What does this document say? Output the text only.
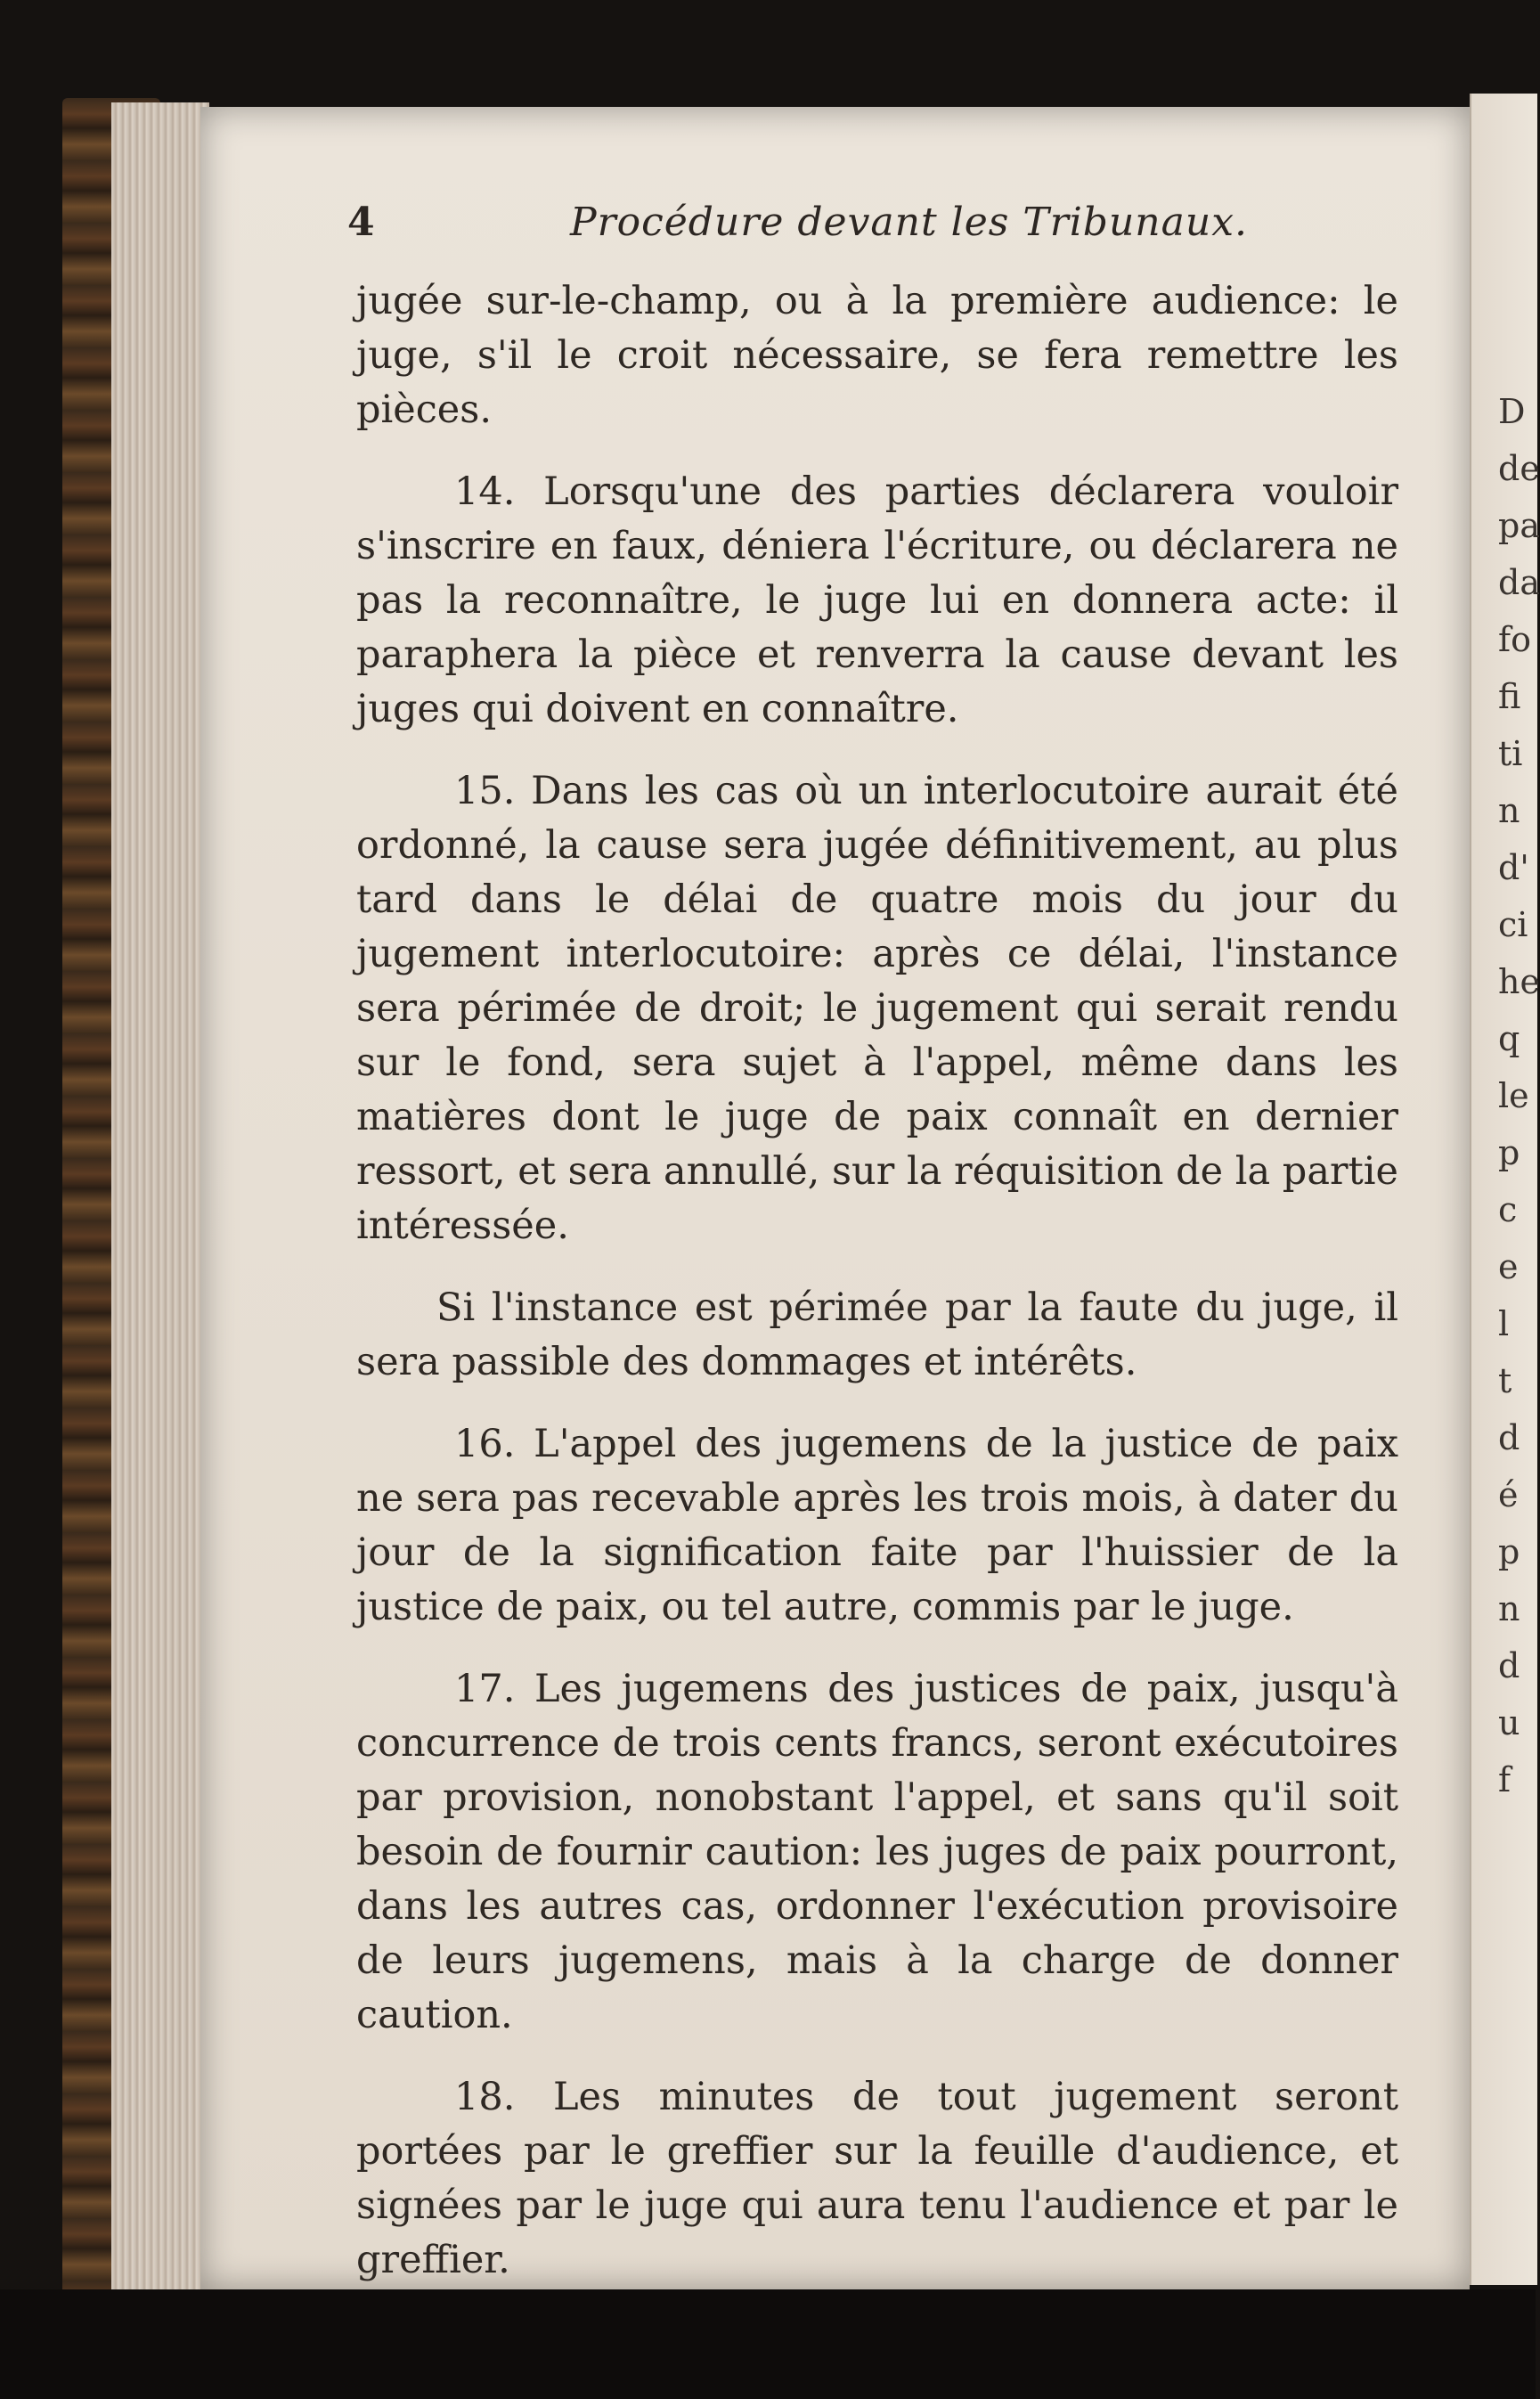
4	Procédure devant les Tribunaux.

jugée sur-le-champ, ou à la première audience: le juge, s'il le croit nécessaire, se fera remettre les pièces.

14. Lorsqu'une des parties déclarera vouloir s'inscrire en faux, déniera l'écriture, ou déclarera ne pas la reconnaître, le juge lui en donnera acte: il paraphera la pièce et renverra la cause devant les juges qui doivent en connaître.

15. Dans les cas où un interlocutoire aurait été ordonné, la cause sera jugée définitivement, au plus tard dans le délai de quatre mois du jour du jugement interlocutoire: après ce délai, l'instance sera périmée de droit; le jugement qui serait rendu sur le fond, sera sujet à l'appel, même dans les matières dont le juge de paix connaît en dernier ressort, et sera annullé, sur la réquisition de la partie intéressée.

Si l'instance est périmée par la faute du juge, il sera passible des dommages et intérêts.

16. L'appel des jugemens de la justice de paix ne sera pas recevable après les trois mois, à dater du jour de la signification faite par l'huissier de la justice de paix, ou tel autre, commis par le juge.

17. Les jugemens des justices de paix, jusqu'à concurrence de trois cents francs, seront exécutoires par provision, nonobstant l'appel, et sans qu'il soit besoin de fournir caution: les juges de paix pourront, dans les autres cas, ordonner l'exécution provisoire de leurs jugemens, mais à la charge de donner caution.

18. Les minutes de tout jugement seront portées par le greffier sur la feuille d'audience, et signées par le juge qui aura tenu l'audience et par le greffier.

D
de
pa
da
fo
fi
ti
n
d'
ci
he
q
le
p
c
e
l
t
d
é
p
n
d
u
f
